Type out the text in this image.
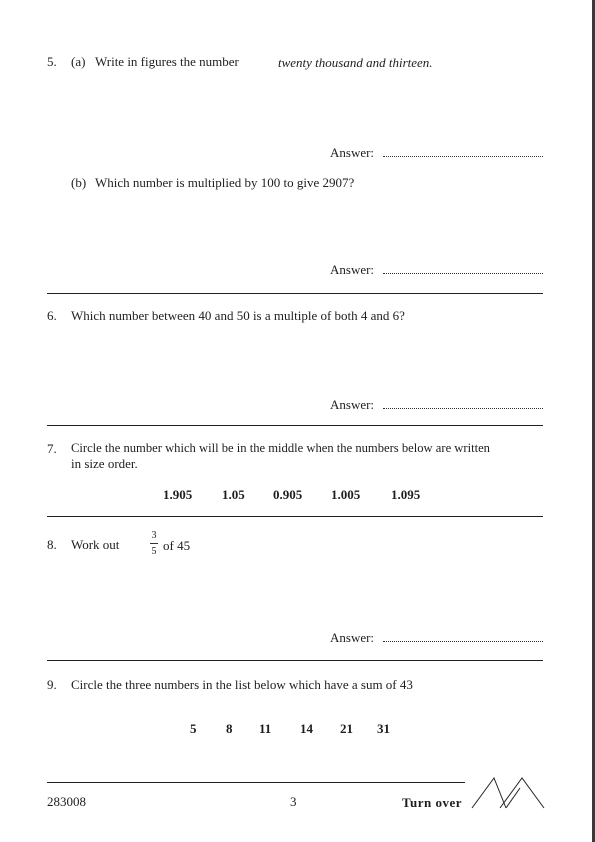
5. (a) Write in figures the number	twenty thousand and thirteen.
Answer:
(b) Which number is multiplied by 100 to give 2907?
Answer:
6. Which number between 40 and 50 is a multiple of both 4 and 6?
Answer:
7. Circle the number which will be in the middle when the numbers below are written
in size order.
1.905 1.05 0.905 1.005 1.095
8. Work out
3
5 of 45
Answer:
9. Circle the three numbers in the list below which have a sum of 43
5 8 11 14 21 31
283008	3	Turn over
